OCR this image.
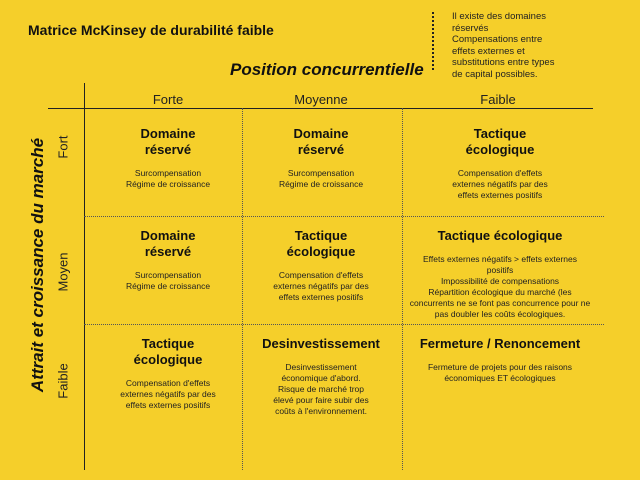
Matrice McKinsey de durabilité faible
Il existe des domaines
réservés
Compensations entre
effets externes et
substitutions entre types
de capital possibles.
Position concurrentielle
Attrait et croissance du marché
Forte	Moyenne	Faible
Fort
Moyen
Faible
Domaine
réservé
Surcompensation
Régime de croissance
Domaine
réservé
Surcompensation
Régime de croissance
Tactique
écologique
Compensation d'effets
externes négatifs par des
effets externes positifs
Domaine
réservé
Surcompensation
Régime de croissance
Tactique
écologique
Compensation d'effets
externes négatifs par des
effets externes positifs
Tactique écologique
Effets externes négatifs > effets externes
positifs
Impossibilité de compensations
Répartition écologique du marché (les
concurrents ne se font pas concurrence pour ne
pas doubler les coûts écologiques.
Tactique
écologique
Compensation d'effets
externes négatifs par des
effets externes positifs
Desinvestissement
Desinvestissement
économique d'abord.
Risque de marché trop
élevé pour faire subir des
coûts à l'environnement.
Fermeture / Renoncement
Fermeture de projets pour des raisons
économiques ET écologiques
